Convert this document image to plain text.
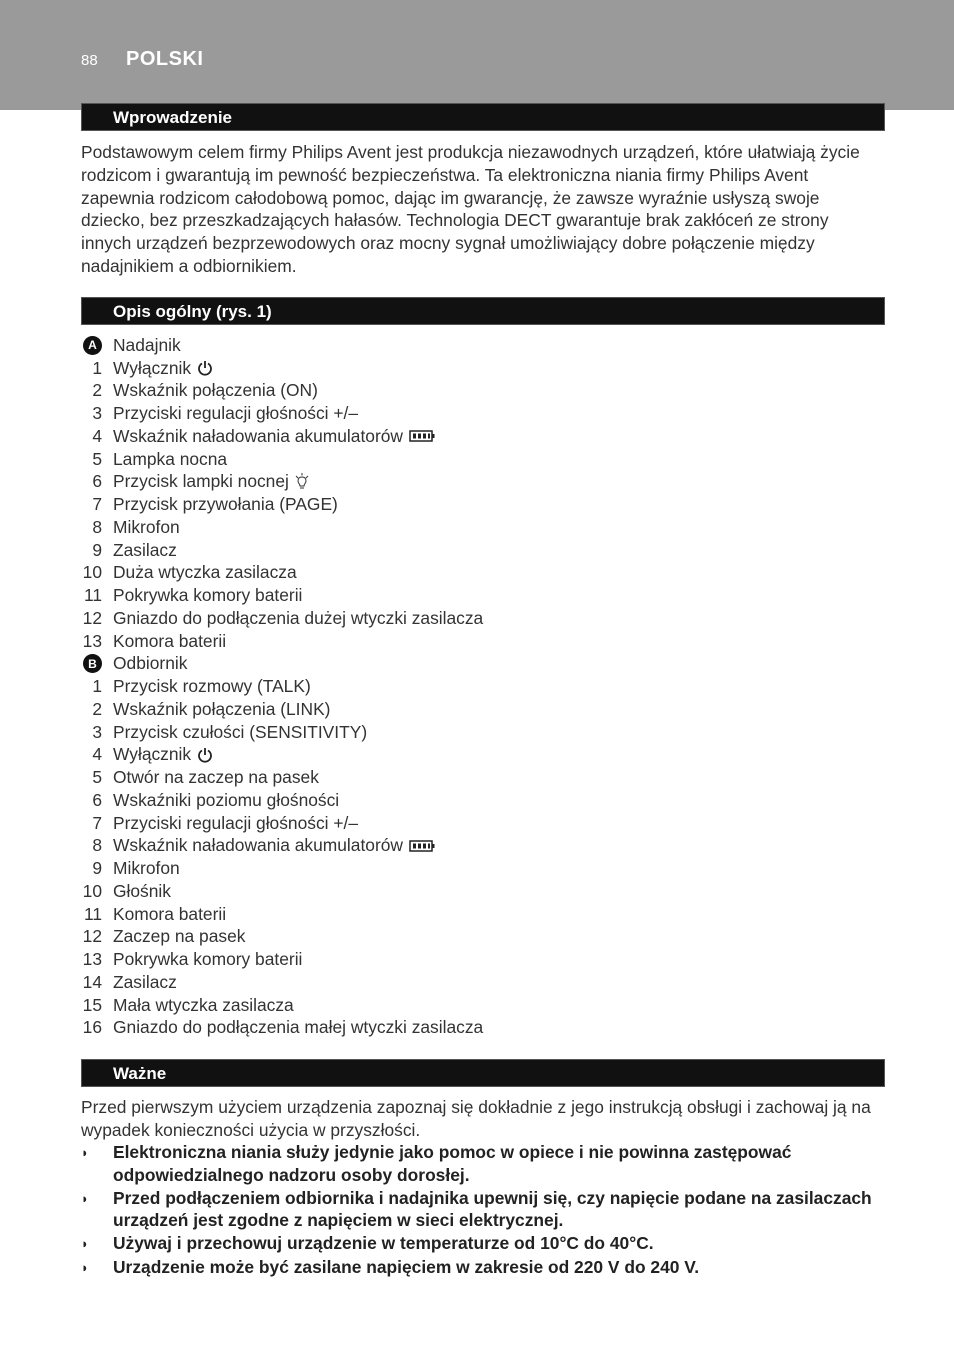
88 POLSKI
Wprowadzenie
Podstawowym celem firmy Philips Avent jest produkcja niezawodnych urządzeń, które ułatwiają życie
rodzicom i gwarantują im pewność bezpieczeństwa. Ta elektroniczna niania firmy Philips Avent
zapewnia rodzicom całodobową pomoc, dając im gwarancję, że zawsze wyraźnie usłyszą swoje
dziecko, bez przeszkadzających hałasów. Technologia DECT gwarantuje brak zakłóceń ze strony
innych urządzeń bezprzewodowych oraz mocny sygnał umożliwiający dobre połączenie między
nadajnikiem a odbiornikiem.
Opis ogólny (rys. 1)
A Nadajnik
1 Wyłącznik
2 Wskaźnik połączenia (ON)
3 Przyciski regulacji głośności +/–
4 Wskaźnik naładowania akumulatorów
5 Lampka nocna
6 Przycisk lampki nocnej
7 Przycisk przywołania (PAGE)
8 Mikrofon
9 Zasilacz
10 Duża wtyczka zasilacza
11 Pokrywka komory baterii
12 Gniazdo do podłączenia dużej wtyczki zasilacza
13 Komora baterii
B Odbiornik
1 Przycisk rozmowy (TALK)
2 Wskaźnik połączenia (LINK)
3 Przycisk czułości (SENSITIVITY)
4 Wyłącznik
5 Otwór na zaczep na pasek
6 Wskaźniki poziomu głośności
7 Przyciski regulacji głośności +/–
8 Wskaźnik naładowania akumulatorów
9 Mikrofon
10 Głośnik
11 Komora baterii
12 Zaczep na pasek
13 Pokrywka komory baterii
14 Zasilacz
15 Mała wtyczka zasilacza
16 Gniazdo do podłączenia małej wtyczki zasilacza
Ważne
Przed pierwszym użyciem urządzenia zapoznaj się dokładnie z jego instrukcją obsługi i zachowaj ją na
wypadek konieczności użycia w przyszłości.
◗	Elektroniczna niania służy jedynie jako pomoc w opiece i nie powinna zastępować
odpowiedzialnego nadzoru osoby dorosłej.
◗	Przed podłączeniem odbiornika i nadajnika upewnij się, czy napięcie podane na zasilaczach
urządzeń jest zgodne z napięciem w sieci elektrycznej.
◗	Używaj i przechowuj urządzenie w temperaturze od 10°C do 40°C.
◗	Urządzenie może być zasilane napięciem w zakresie od 220 V do 240 V.
